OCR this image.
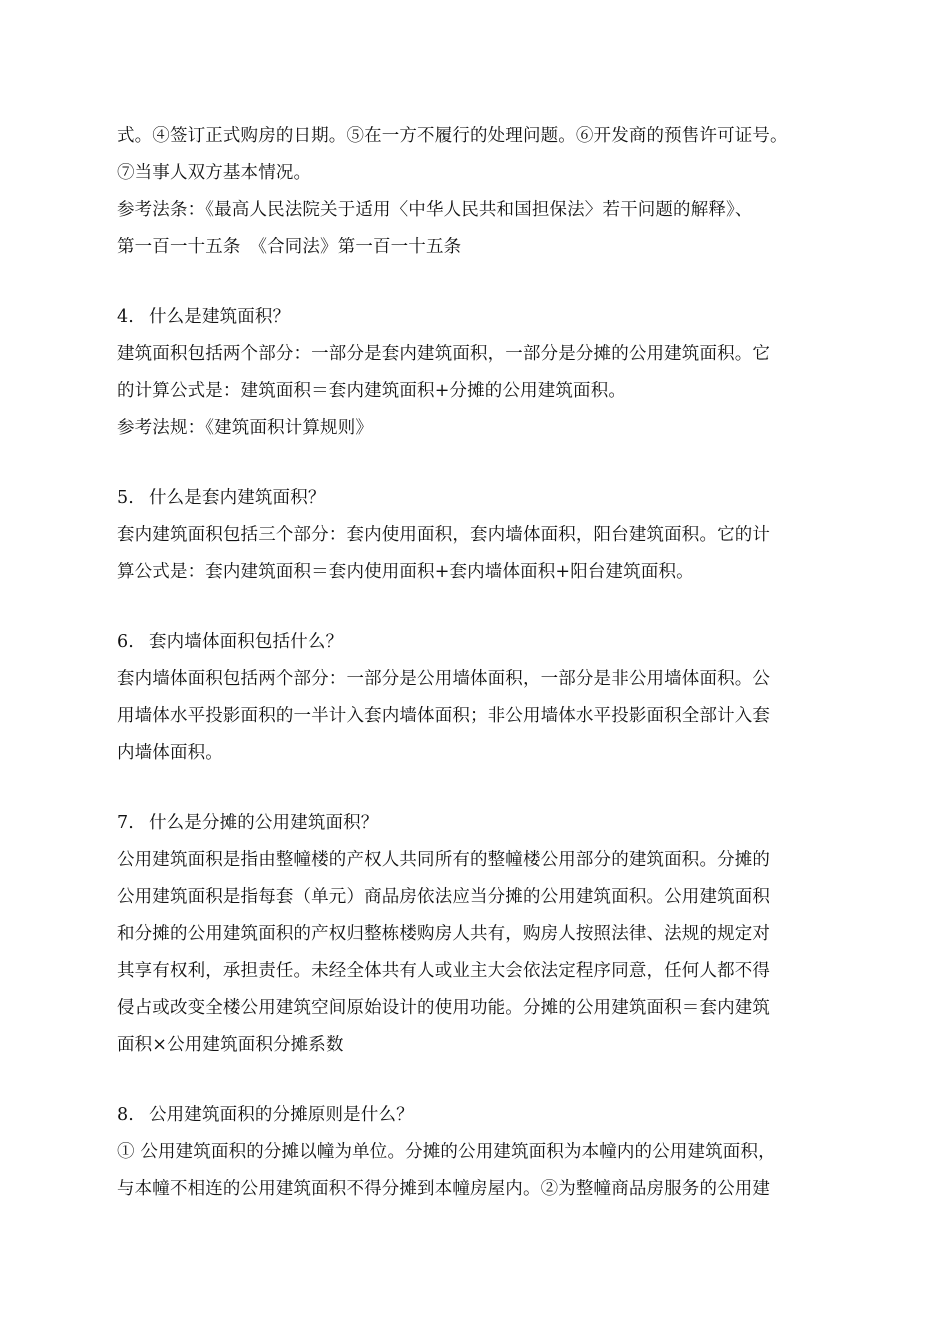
式。④签订正式购房的日期。⑤在一方不履行的处理问题。⑥开发商的预售许可证号。
⑦当事人双方基本情况。
参考法条：《最高人民法院关于适用〈中华人民共和国担保法〉若干问题的解释》、
第一百一十五条　《合同法》第一百一十五条
4. 什么是建筑面积？
建筑面积包括两个部分：一部分是套内建筑面积，一部分是分摊的公用建筑面积。它
的计算公式是：建筑面积＝套内建筑面积+分摊的公用建筑面积。
参考法规：《建筑面积计算规则》
5. 什么是套内建筑面积？
套内建筑面积包括三个部分：套内使用面积，套内墙体面积，阳台建筑面积。它的计
算公式是：套内建筑面积＝套内使用面积+套内墙体面积+阳台建筑面积。
6. 套内墙体面积包括什么？
套内墙体面积包括两个部分：一部分是公用墙体面积，一部分是非公用墙体面积。公
用墙体水平投影面积的一半计入套内墙体面积；非公用墙体水平投影面积全部计入套
内墙体面积。
7. 什么是分摊的公用建筑面积？
公用建筑面积是指由整幢楼的产权人共同所有的整幢楼公用部分的建筑面积。分摊的
公用建筑面积是指每套（单元）商品房依法应当分摊的公用建筑面积。公用建筑面积
和分摊的公用建筑面积的产权归整栋楼购房人共有，购房人按照法律、法规的规定对
其享有权利，承担责任。未经全体共有人或业主大会依法定程序同意，任何人都不得
侵占或改变全楼公用建筑空间原始设计的使用功能。分摊的公用建筑面积＝套内建筑
面积×公用建筑面积分摊系数
8. 公用建筑面积的分摊原则是什么？
① 公用建筑面积的分摊以幢为单位。分摊的公用建筑面积为本幢内的公用建筑面积，
与本幢不相连的公用建筑面积不得分摊到本幢房屋内。②为整幢商品房服务的公用建
